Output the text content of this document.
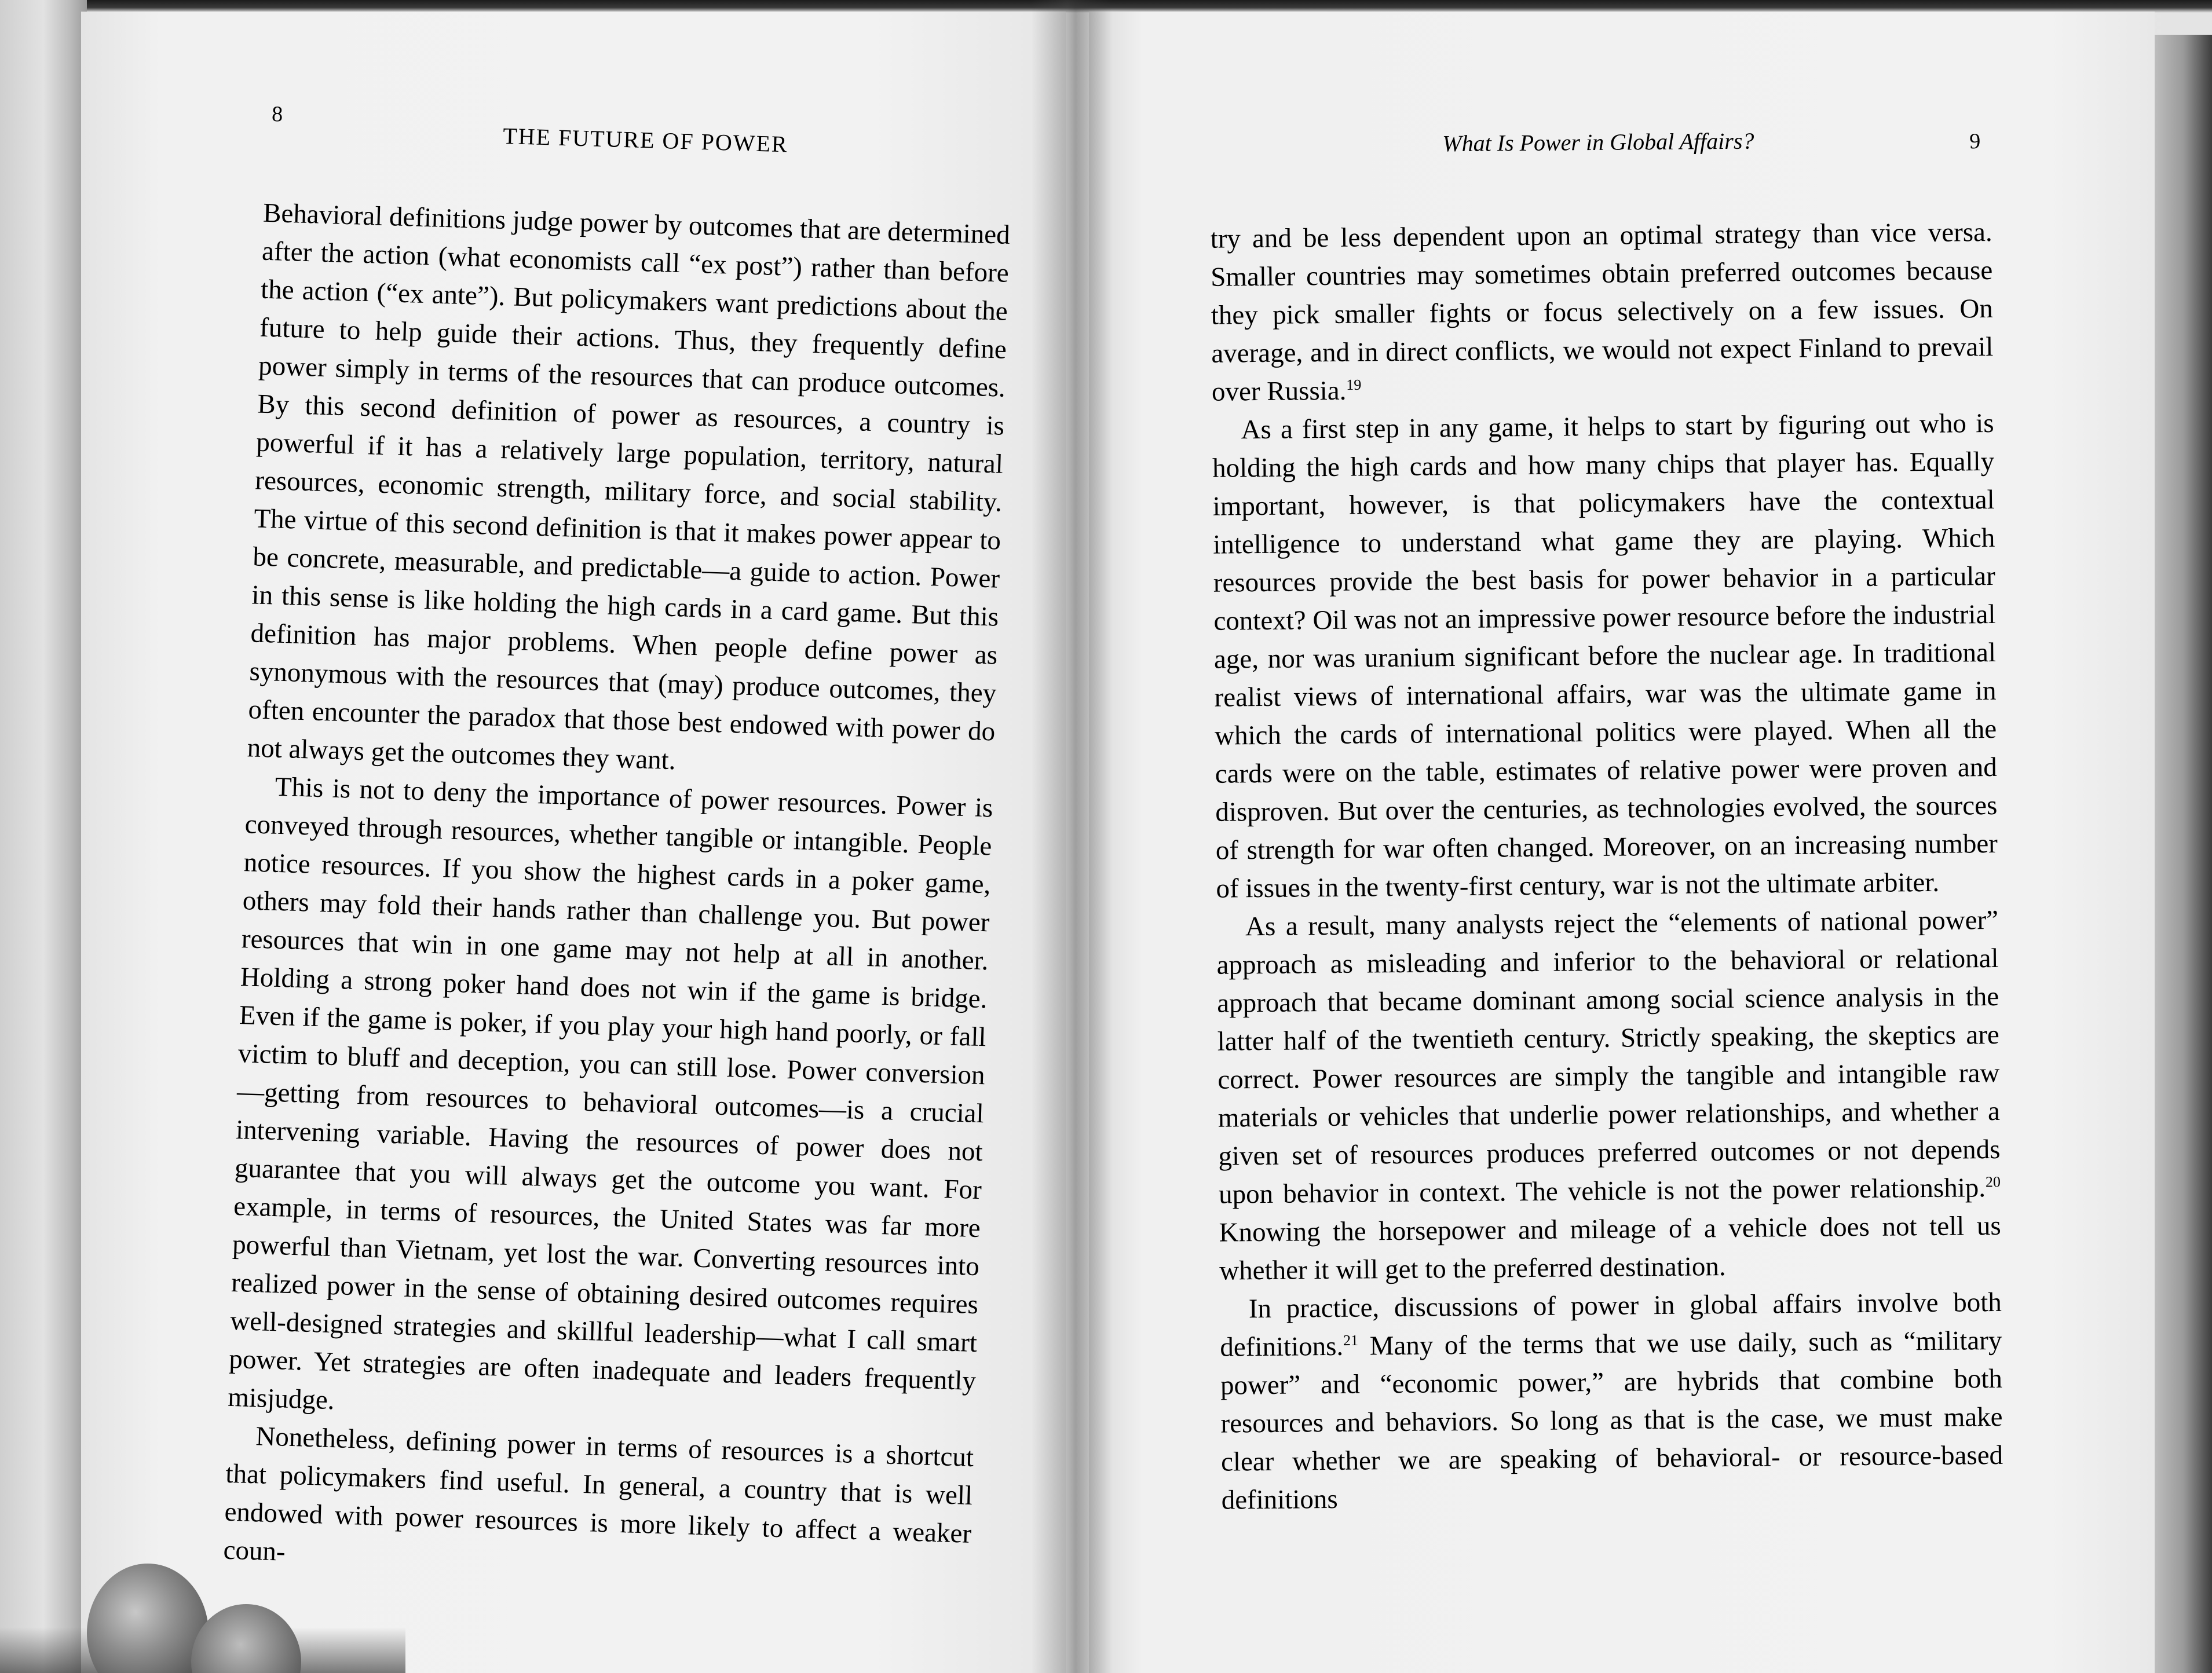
8
THE FUTURE OF POWER

Behavioral definitions judge power by outcomes that are determined after the action (what economists call “ex post”) rather than before the action (“ex ante”). But policymakers want predictions about the future to help guide their actions. Thus, they frequently define power simply in terms of the resources that can produce outcomes. By this second definition of power as resources, a country is powerful if it has a relatively large population, territory, natural resources, economic strength, military force, and social stability. The virtue of this second definition is that it makes power appear to be concrete, measurable, and predictable—a guide to action. Power in this sense is like holding the high cards in a card game. But this definition has major problems. When people define power as synonymous with the resources that (may) produce outcomes, they often encounter the paradox that those best endowed with power do not always get the outcomes they want.

This is not to deny the importance of power resources. Power is conveyed through resources, whether tangible or intangible. People notice resources. If you show the highest cards in a poker game, others may fold their hands rather than challenge you. But power resources that win in one game may not help at all in another. Holding a strong poker hand does not win if the game is bridge. Even if the game is poker, if you play your high hand poorly, or fall victim to bluff and deception, you can still lose. Power conversion—getting from resources to behavioral outcomes—is a crucial intervening variable. Having the resources of power does not guarantee that you will always get the outcome you want. For example, in terms of resources, the United States was far more powerful than Vietnam, yet lost the war. Converting resources into realized power in the sense of obtaining desired outcomes requires well-designed strategies and skillful leadership—what I call smart power. Yet strategies are often inadequate and leaders frequently misjudge.

Nonetheless, defining power in terms of resources is a shortcut that policymakers find useful. In general, a country that is well endowed with power resources is more likely to affect a weaker coun-

What Is Power in Global Affairs?	9

try and be less dependent upon an optimal strategy than vice versa. Smaller countries may sometimes obtain preferred outcomes because they pick smaller fights or focus selectively on a few issues. On average, and in direct conflicts, we would not expect Finland to prevail over Russia.$^{19}$

As a first step in any game, it helps to start by figuring out who is holding the high cards and how many chips that player has. Equally important, however, is that policymakers have the contextual intelligence to understand what game they are playing. Which resources provide the best basis for power behavior in a particular context? Oil was not an impressive power resource before the industrial age, nor was uranium significant before the nuclear age. In traditional realist views of international affairs, war was the ultimate game in which the cards of international politics were played. When all the cards were on the table, estimates of relative power were proven and disproven. But over the centuries, as technologies evolved, the sources of strength for war often changed. Moreover, on an increasing number of issues in the twenty-first century, war is not the ultimate arbiter.

As a result, many analysts reject the “elements of national power” approach as misleading and inferior to the behavioral or relational approach that became dominant among social science analysis in the latter half of the twentieth century. Strictly speaking, the skeptics are correct. Power resources are simply the tangible and intangible raw materials or vehicles that underlie power relationships, and whether a given set of resources produces preferred outcomes or not depends upon behavior in context. The vehicle is not the power relationship.$^{20}$ Knowing the horsepower and mileage of a vehicle does not tell us whether it will get to the preferred destination.

In practice, discussions of power in global affairs involve both definitions.$^{21}$ Many of the terms that we use daily, such as “military power” and “economic power,” are hybrids that combine both resources and behaviors. So long as that is the case, we must make clear whether we are speaking of behavioral- or resource-based definitions
